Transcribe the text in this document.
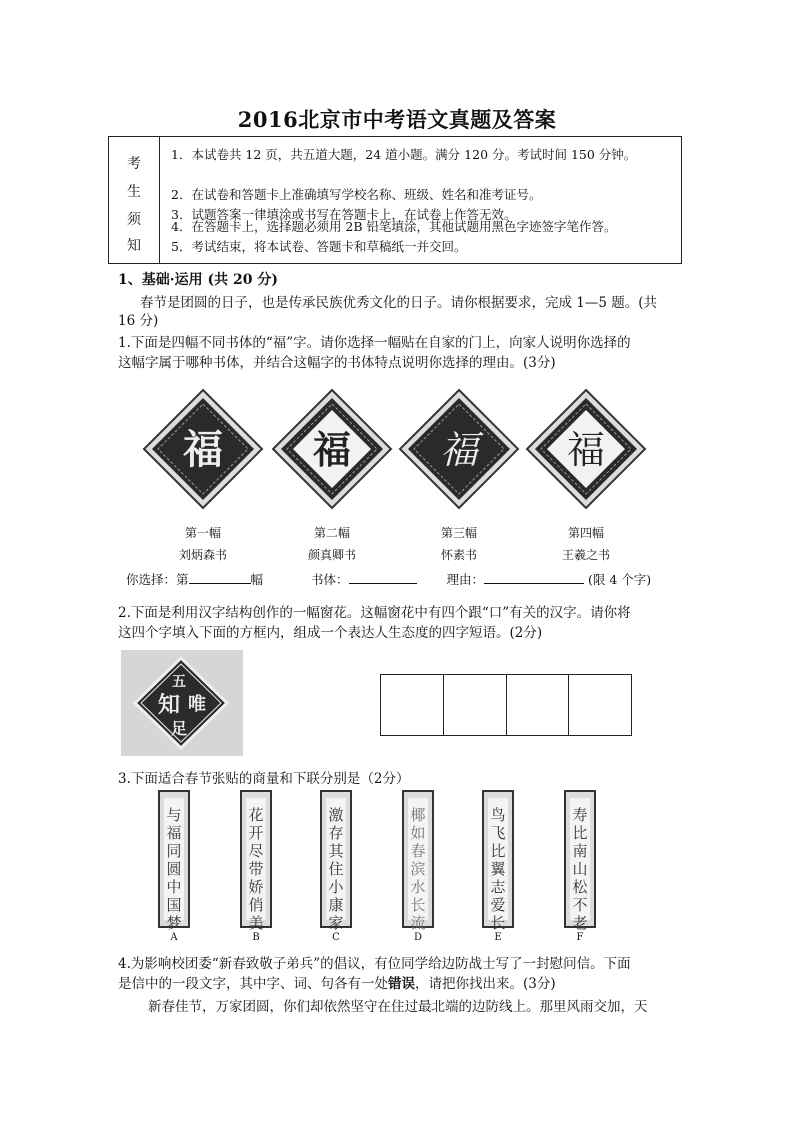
2016北京市中考语文真题及答案
考
生
须
知
1．本试卷共 12 页，共五道大题，24 道小题。满分 120 分。考试时间 150 分钟。
2．在试卷和答题卡上准确填写学校名称、班级、姓名和准考证号。
3．试题答案一律填涂或书写在答题卡上，在试卷上作答无效。
4．在答题卡上，选择题必须用 2B 铅笔填涂，其他试题用黑色字迹签字笔作答。
5．考试结束，将本试卷、答题卡和草稿纸一并交回。
1、基础·运用 (共 20 分)
春节是团圆的日子，也是传承民族优秀文化的日子。请你根据要求，完成 1—5 题。(共
16 分)
1.下面是四幅不同书体的“福”字。请你选择一幅贴在自家的门上，向家人说明你选择的
这幅字属于哪种书体，并结合这幅字的书体特点说明你选择的理由。(3分)
福 福 福 福
第一幅
刘炳森书
第二幅
颜真卿书
第三幅
怀素书
第四幅
王羲之书
你选择：第	幅	书体：	理由：	(限 4 个字)
2.下面是利用汉字结构创作的一幅窗花。这幅窗花中有四个跟“口”有关的汉字。请你将
这四个字填入下面的方框内，组成一个表达人生态度的四字短语。(2分)
知
足
五
唯
3.下面适合春节张贴的商量和下联分别是（2分）
与福同圆中国梦
A
花开尽带娇俏美
B
激存其住小康家
C
椰如春滨水长流
D
鸟飞比翼志爱长
E
寿比南山松不老
F
4.为影响校团委“新春致敬子弟兵”的倡议，有位同学给边防战士写了一封慰问信。下面
是信中的一段文字，其中字、词、句各有一处错误，请把你找出来。(3分)
新春佳节，万家团圆，你们却依然坚守在住过最北端的边防线上。那里风雨交加，天
